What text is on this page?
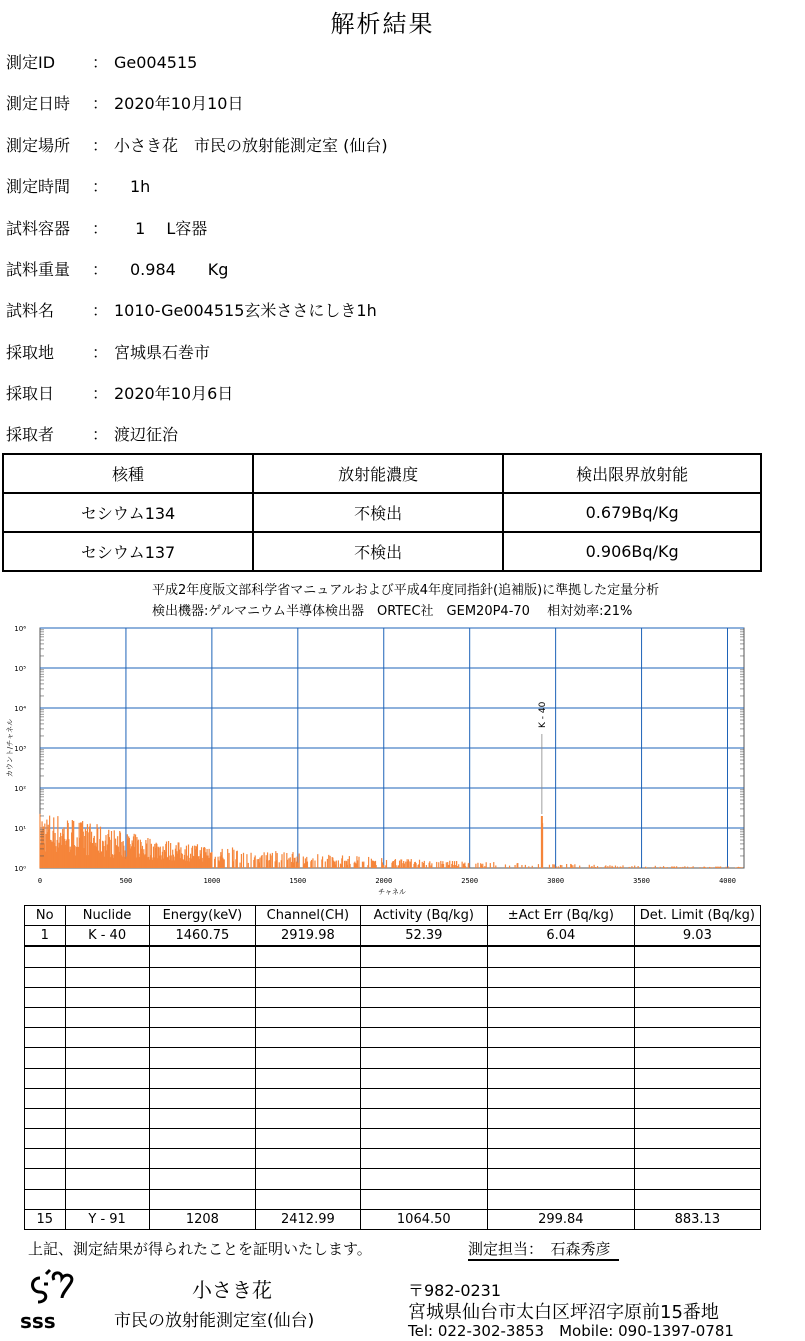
解析結果
測定ID ： Ge004515
測定日時 ： 2020年10月10日
測定場所 ： 小さき花　市民の放射能測定室 (仙台)
測定時間 ：　1h
試料容器 ：　 1　 L容器
試料重量 ：　0.984　　Kg
試料名 ： 1010-Ge004515玄米ささにしき1h
採取地 ： 宮城県石巻市
採取日 ： 2020年10月6日
採取者 ： 渡辺征治
核種	放射能濃度	検出限界放射能
セシウム134	不検出	0.679Bq/Kg
セシウム137	不検出	0.906Bq/Kg
平成2年度版文部科学省マニュアルおよび平成4年度同指針(追補版)に準拠した定量分析
検出機器:ゲルマニウム半導体検出器　ORTEC社　GEM20P4-70　 相対効率:21%
K - 40
0	500	1000	1500	2000	2500	3000	3500	4000
10⁰
10¹
10²
10³
10⁴
10⁵
10⁶
チャネル
カウント/チャネル
No	Nuclide	Energy(keV)	Channel(CH)	Activity (Bq/kg)	±Act Err (Bq/kg)	Det. Limit (Bq/kg)
1	K - 40	1460.75	2919.98	52.39	6.04	9.03

15	Y - 91	1208	2412.99	1064.50	299.84	883.13
上記、測定結果が得られたことを証明いたします。	測定担当：　石森秀彦
sss
小さき花
市民の放射能測定室(仙台)
〒982-0231
宮城県仙台市太白区坪沼字原前15番地
Tel: 022-302-3853　Mobile: 090-1397-0781
